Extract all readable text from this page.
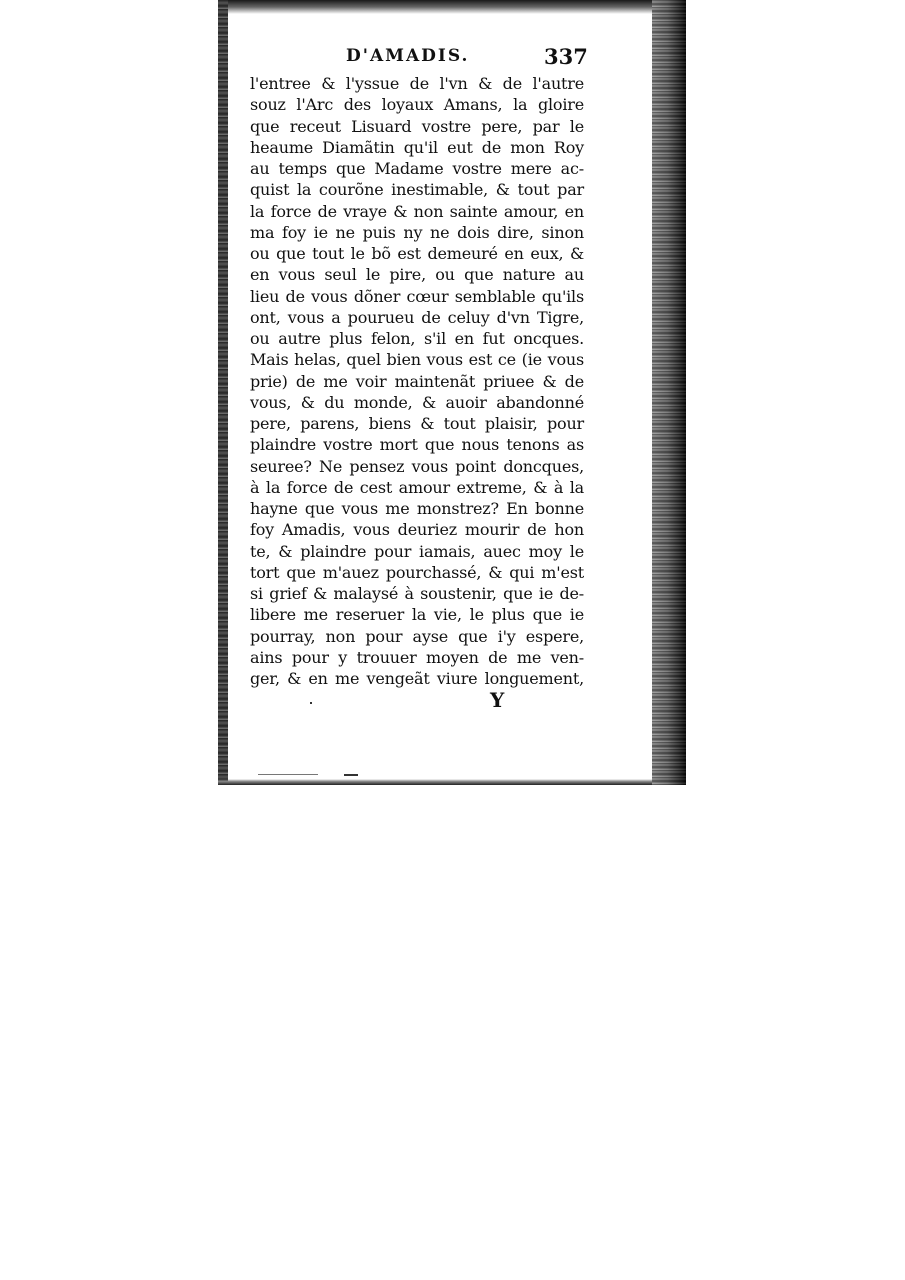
D'AMADIS.	337
l'entree & l'yssue de l'vn & de l'autre
souz l'Arc des loyaux Amans, la gloire
que receut Lisuard vostre pere, par le
heaume Diamãtin qu'il eut de mon Roy
au temps que Madame vostre mere ac-
quist la courõne inestimable, & tout par
la force de vraye & non sainte amour, en
ma foy ie ne puis ny ne dois dire, sinon
ou que tout le bõ est demeuré en eux, &
en vous seul le pire, ou que nature au
lieu de vous dõner cœur semblable qu'ils
ont, vous a pourueu de celuy d'vn Tigre,
ou autre plus felon, s'il en fut oncques.
Mais helas, quel bien vous est ce (ie vous
prie) de me voir maintenãt priuee & de
vous, & du monde, & auoir abandonné
pere, parens, biens & tout plaisir, pour
plaindre vostre mort que nous tenons as
seuree? Ne pensez vous point doncques,
à la force de cest amour extreme, & à la
hayne que vous me monstrez? En bonne
foy Amadis, vous deuriez mourir de hon
te, & plaindre pour iamais, auec moy le
tort que m'auez pourchassé, & qui m'est
si grief & malaysé à soustenir, que ie de-
libere me reseruer la vie, le plus que ie
pourray, non pour ayse que i'y espere,
ains pour y trouuer moyen de me ven-
ger, & en me vengeãt viure longuement,
Y
